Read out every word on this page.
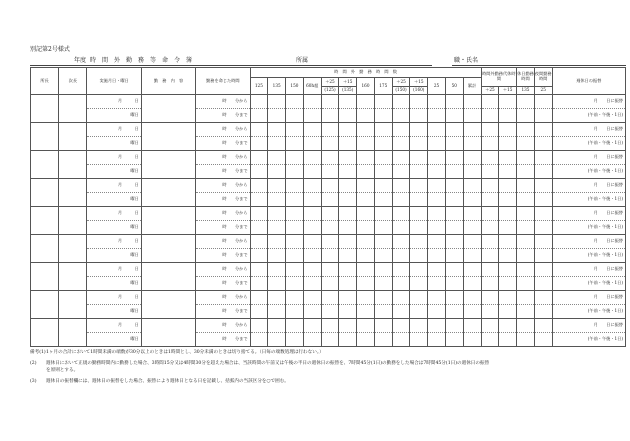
別記第2号様式
年度	時　間　外　勤　務　等　命　令　簿	所属			職・氏名	
所長	次長	実施月日・曜日	勤　務　内　容	勤務を命じた時間	時　間　外　勤　務　時　間　数													時間外勤務代休時間		休日勤務時間	夜間勤務時間	週休日の振替
					125	135	150	60h超	＋25	＋15	160	175	＋25	＋15	25	50	累計					
									(125)	(135)			(150)	(160)				＋25	＋15	135	25	
		月　　　 日		時　　 分から																		月　　日に振替
		曜日		時　　 分まで																		(午前・午後・1日)
		月　　　 日		時　　 分から																		月　　日に振替
		曜日		時　　 分まで																		(午前・午後・1日)
		月　　　 日		時　　 分から																		月　　日に振替
		曜日		時　　 分まで																		(午前・午後・1日)
		月　　　 日		時　　 分から																		月　　日に振替
		曜日		時　　 分まで																		(午前・午後・1日)
		月　　　 日		時　　 分から																		月　　日に振替
		曜日		時　　 分まで																		(午前・午後・1日)
		月　　　 日		時　　 分から																		月　　日に振替
		曜日		時　　 分まで																		(午前・午後・1日)
		月　　　 日		時　　 分から																		月　　日に振替
		曜日		時　　 分まで																		(午前・午後・1日)
		月　　　 日		時　　 分から																		月　　日に振替
		曜日		時　　 分まで																		(午前・午後・1日)
		月　　　 日		時　　 分から																		月　　日に振替
		曜日		時　　 分まで																		(午前・午後・1日)
備考(1)1ヶ月の合計において1時間未満の端数が30分以上のときは1時間とし、30分未満のときは切り捨てる。（日毎の端数処理は行わない。）
(2) 週休日において正規の勤務時間内に勤務した場合、3時間15分又は4時間30分を超えた場合は、当該時間の午前又は午後の半日の週休日の振替を、7時間45分(1日)の勤務をした場合は7時間45分(1日)の週休日の振替
を原則とする。
(3) 週休日の振替欄には、週休日の振替をした場合、振替により週休日となる日を記載し、括弧内の当該区分を○で囲む。
